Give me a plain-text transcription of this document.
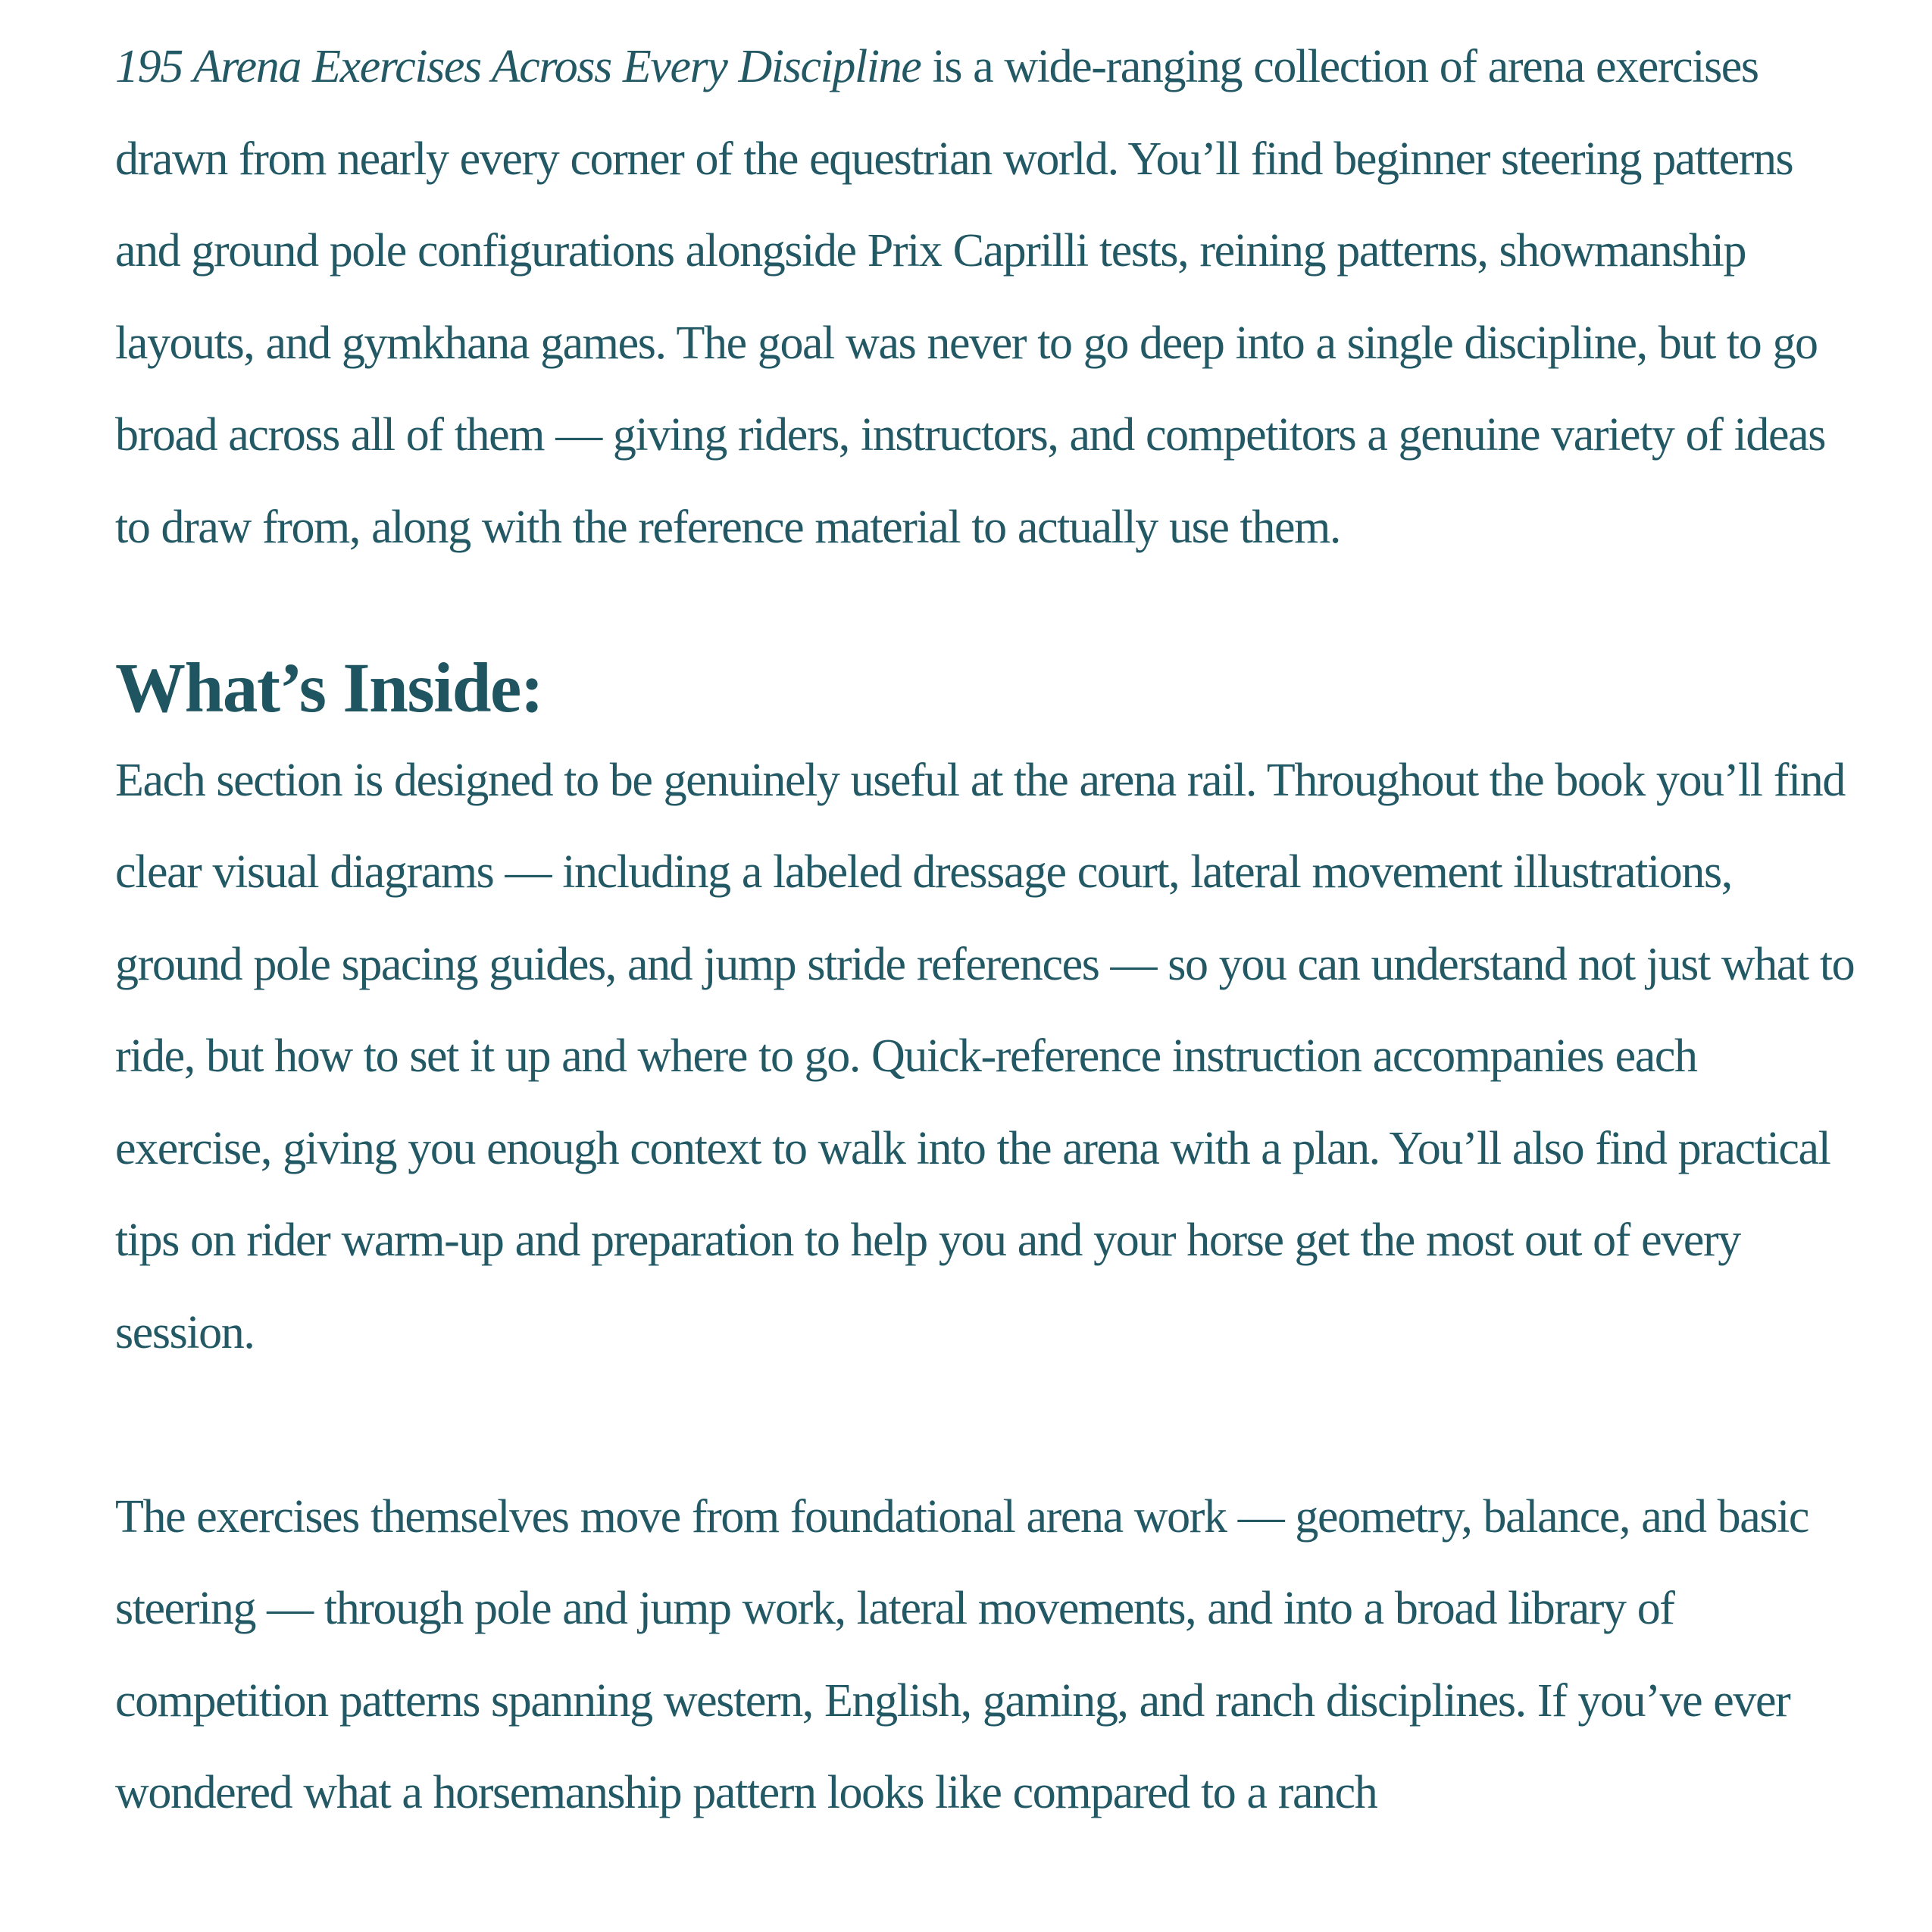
195 Arena Exercises Across Every Discipline is a wide-ranging collection of arena exercises drawn from nearly every corner of the equestrian world. You’ll find beginner steering patterns and ground pole configurations alongside Prix Caprilli tests, reining patterns, showmanship layouts, and gymkhana games. The goal was never to go deep into a single discipline, but to go broad across all of them — giving riders, instructors, and competitors a genuine variety of ideas to draw from, along with the reference material to actually use them.

What’s Inside:

Each section is designed to be genuinely useful at the arena rail. Throughout the book you’ll find clear visual diagrams — including a labeled dressage court, lateral movement illustrations, ground pole spacing guides, and jump stride references — so you can understand not just what to ride, but how to set it up and where to go. Quick-reference instruction accompanies each exercise, giving you enough context to walk into the arena with a plan. You’ll also find practical tips on rider warm-up and preparation to help you and your horse get the most out of every session.

The exercises themselves move from foundational arena work — geometry, balance, and basic steering — through pole and jump work, lateral movements, and into a broad library of competition patterns spanning western, English, gaming, and ranch disciplines. If you’ve ever wondered what a horsemanship pattern looks like compared to a ranch
